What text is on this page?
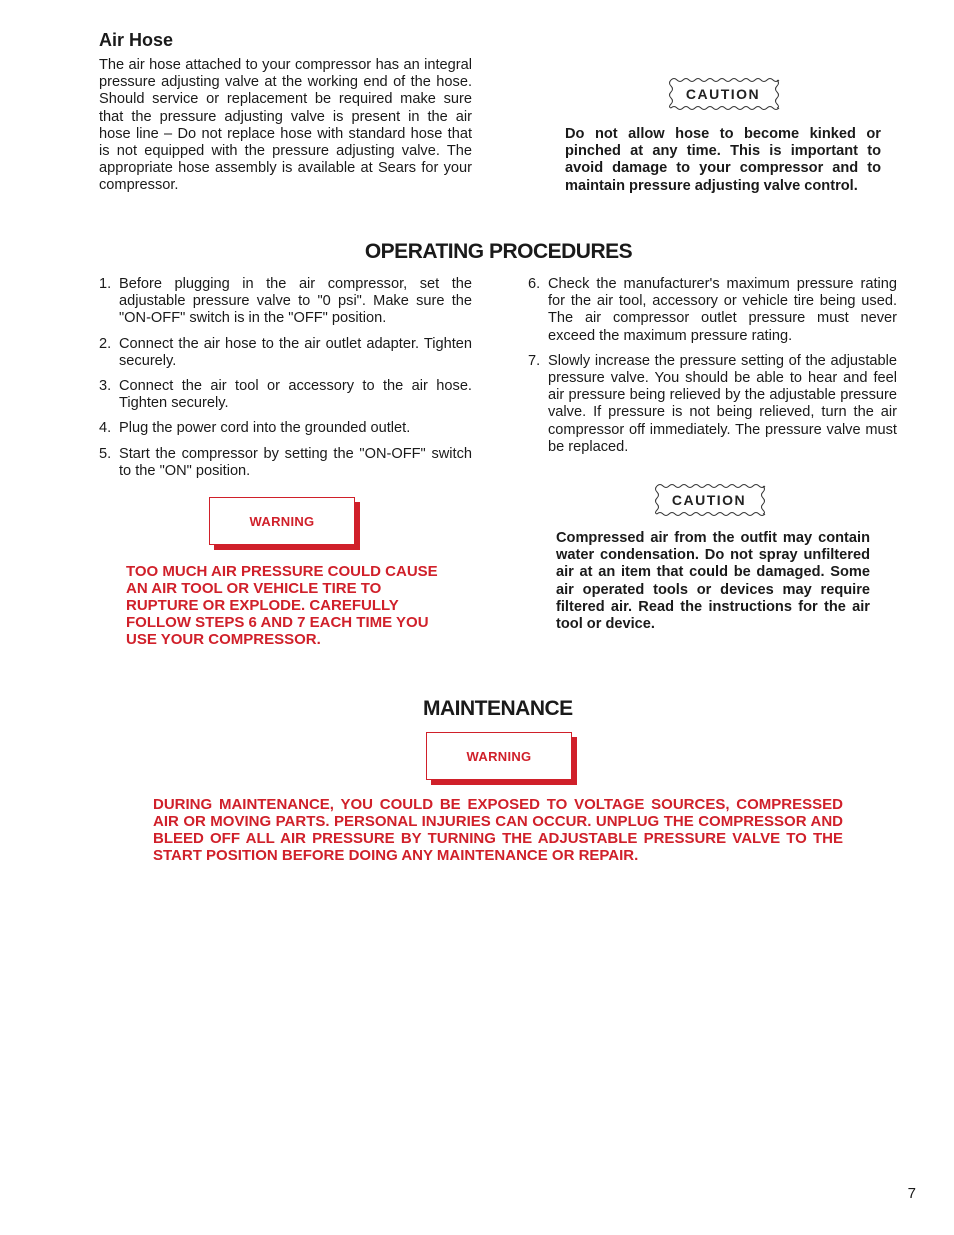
Air Hose
The air hose attached to your compressor has an integral pressure adjusting valve at the working end of the hose. Should service or replacement be required make sure that the pressure adjusting valve is present in the air hose line – Do not replace hose with standard hose that is not equipped with the pressure adjusting valve. The appropriate hose assembly is available at Sears for your compressor.
CAUTION
Do not allow hose to become kinked or pinched at any time. This is important to avoid damage to your compressor and to maintain pressure adjusting valve control.
OPERATING PROCEDURES
1. Before plugging in the air compressor, set the adjustable pressure valve to "0 psi". Make sure the "ON-OFF" switch is in the "OFF" position.
2. Connect the air hose to the air outlet adapter. Tighten securely.
3. Connect the air tool or accessory to the air hose. Tighten securely.
4. Plug the power cord into the grounded outlet.
5. Start the compressor by setting the "ON-OFF" switch to the "ON" position.
6. Check the manufacturer's maximum pressure rating for the air tool, accessory or vehicle tire being used. The air compressor outlet pressure must never exceed the maximum pressure rating.
7. Slowly increase the pressure setting of the adjustable pressure valve. You should be able to hear and feel air pressure being relieved by the adjustable pressure valve. If pressure is not being relieved, turn the air compressor off immediately. The pressure valve must be replaced.
WARNING
TOO MUCH AIR PRESSURE COULD CAUSE AN AIR TOOL OR VEHICLE TIRE TO RUPTURE OR EXPLODE. CAREFULLY FOLLOW STEPS 6 AND 7 EACH TIME YOU USE YOUR COMPRESSOR.
CAUTION
Compressed air from the outfit may contain water condensation. Do not spray unfiltered air at an item that could be damaged. Some air operated tools or devices may require filtered air. Read the instructions for the air tool or device.
MAINTENANCE
WARNING
DURING MAINTENANCE, YOU COULD BE EXPOSED TO VOLTAGE SOURCES, COMPRESSED AIR OR MOVING PARTS. PERSONAL INJURIES CAN OCCUR. UNPLUG THE COMPRESSOR AND BLEED OFF ALL AIR PRESSURE BY TURNING THE ADJUSTABLE PRESSURE VALVE TO THE START POSITION BEFORE DOING ANY MAINTENANCE OR REPAIR.
7
